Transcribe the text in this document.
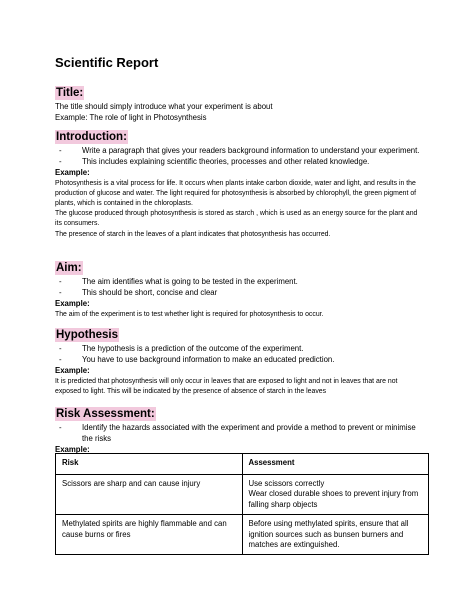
Scientific Report
Title:

The title should simply introduce what your experiment is about

Example: The role of light in Photosynthesis

Introduction:
- Write a paragraph that gives your readers background information to understand your experiment.
- This includes explaining scientific theories, processes and other related knowledge.

Example:

Photosynthesis is a vital process for life. It occurs when plants intake carbon dioxide, water and light, and results in the production of glucose and water. The light required for photosynthesis is absorbed by chlorophyll, the green pigment of plants, which is contained in the chloroplasts.

The glucose produced through photosynthesis is stored as starch , which is used as an energy source for the plant and its consumers.

The presence of starch in the leaves of a plant indicates that photosynthesis has occurred.

Aim:
- The aim identifies what is going to be tested in the experiment.
- This should be short, concise and clear

Example:

The aim of the experiment is to test whether light is required for photosynthesis to occur.

Hypothesis
- The hypothesis is a prediction of the outcome of the experiment.
- You have to use background information to make an educated prediction.

Example:

It is predicted that photosynthesis will only occur in leaves that are exposed to light and not in leaves that are not exposed to light. This will be indicated by the presence of absence of starch in the leaves

Risk Assessment:
- Identify the hazards associated with the experiment and provide a method to prevent or minimise the risks

Example:

Risk	Assessment
Scissors are sharp and can cause injury	Use scissors correctly
Wear closed durable shoes to prevent injury from falling sharp objects
Methylated spirits are highly flammable and can cause burns or fires	Before using methylated spirits, ensure that all ignition sources such as bunsen burners and matches are extinguished.
